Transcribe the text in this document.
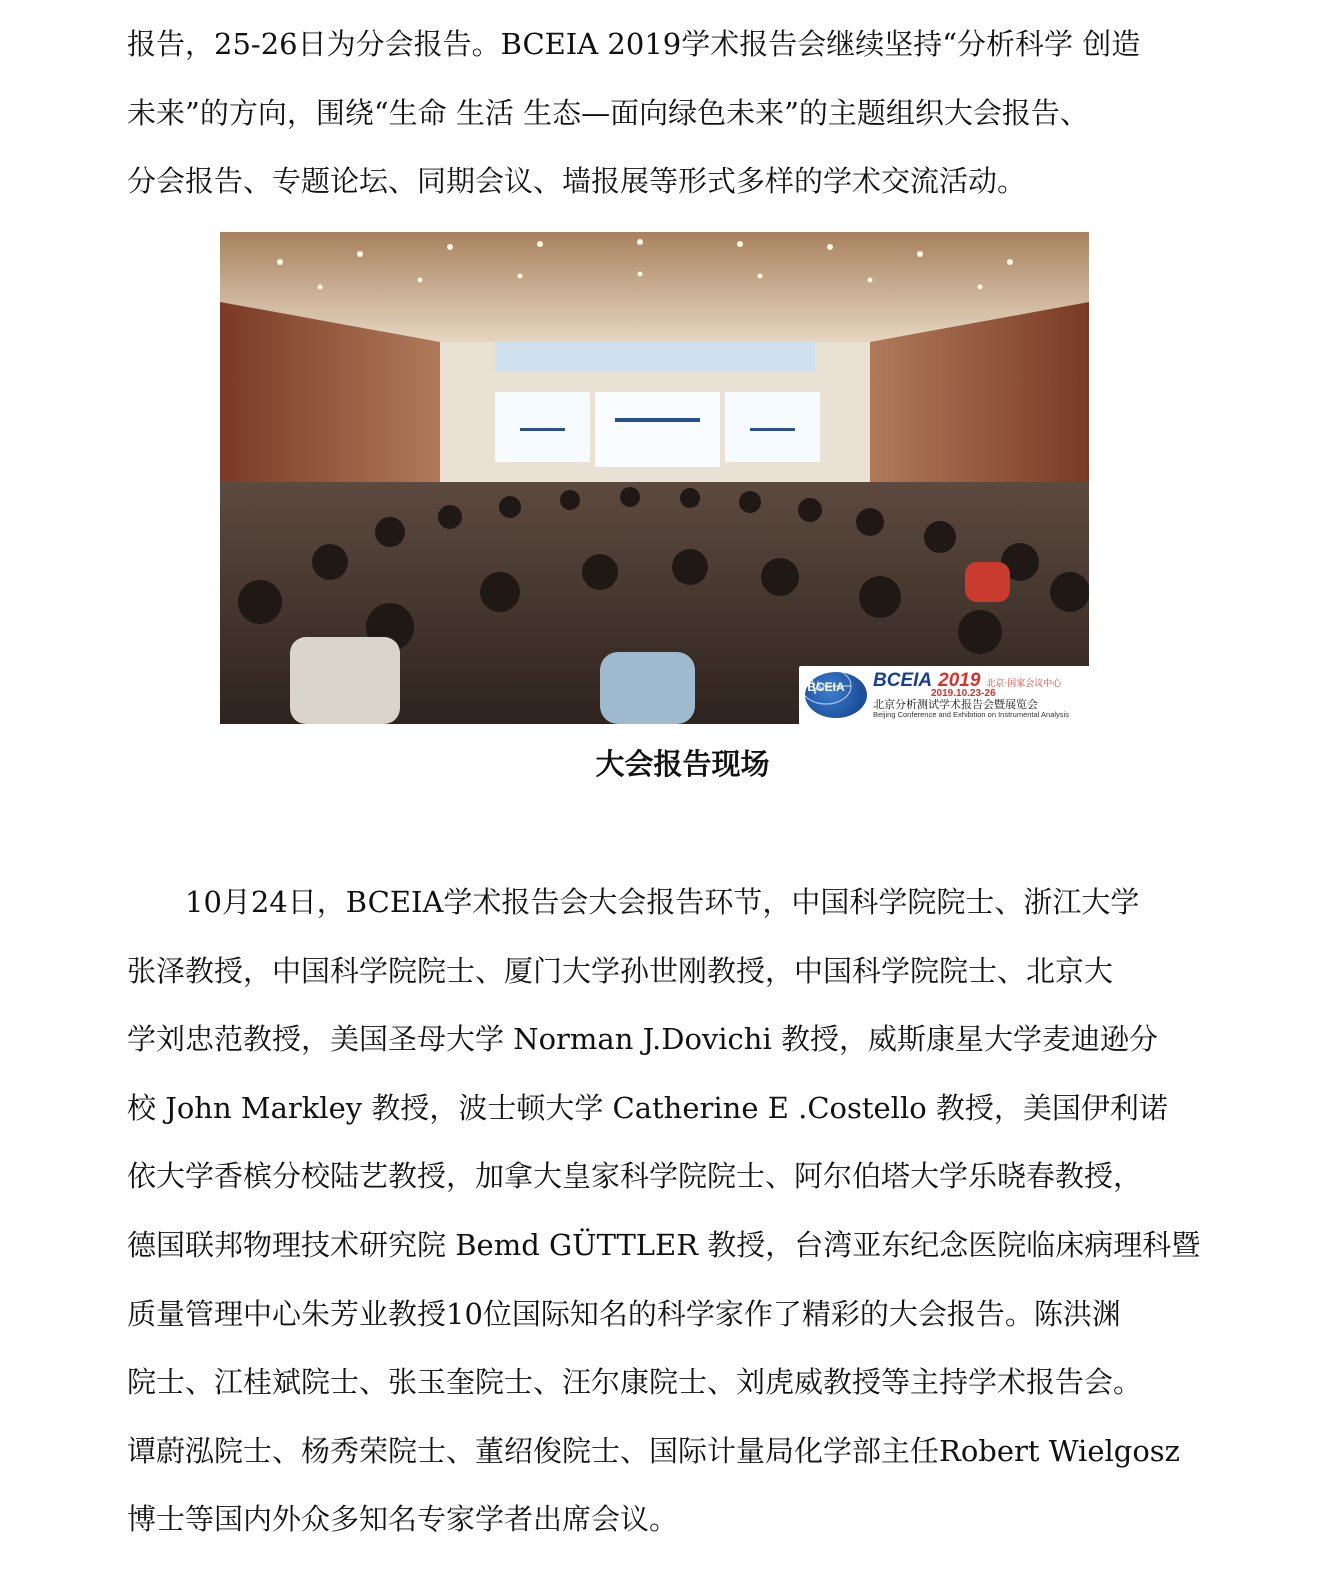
报告，25-26日为分会报告。BCEIA 2019学术报告会继续坚持“分析科学 创造
未来”的方向，围绕“生命 生活 生态—面向绿色未来”的主题组织大会报告、
分会报告、专题论坛、同期会议、墙报展等形式多样的学术交流活动。

BCEIA BCEIA 2019 北京·国家会议中心
2019.10.23-26
北京分析测试学术报告会暨展览会
Beijing Conference and Exhibition on Instrumental Analysis

大会报告现场

　　10月24日，BCEIA学术报告会大会报告环节，中国科学院院士、浙江大学
张泽教授，中国科学院院士、厦门大学孙世刚教授，中国科学院院士、北京大
学刘忠范教授，美国圣母大学 Norman J.Dovichi 教授，威斯康星大学麦迪逊分
校 John Markley 教授，波士顿大学 Catherine E .Costello 教授，美国伊利诺
依大学香槟分校陆艺教授，加拿大皇家科学院院士、阿尔伯塔大学乐晓春教授，
德国联邦物理技术研究院 Bemd GÜTTLER 教授，台湾亚东纪念医院临床病理科暨
质量管理中心朱芳业教授10位国际知名的科学家作了精彩的大会报告。陈洪渊
院士、江桂斌院士、张玉奎院士、汪尔康院士、刘虎威教授等主持学术报告会。
谭蔚泓院士、杨秀荣院士、董绍俊院士、国际计量局化学部主任Robert Wielgosz
博士等国内外众多知名专家学者出席会议。
